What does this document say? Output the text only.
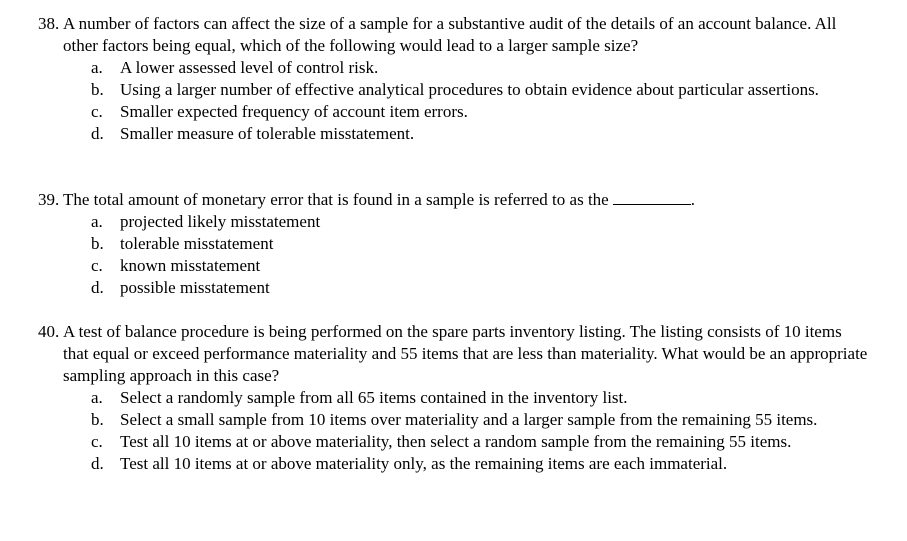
38. A number of factors can affect the size of a sample for a substantive audit of the details of an account balance. All other factors being equal, which of the following would lead to a larger sample size?
a. A lower assessed level of control risk.
b. Using a larger number of effective analytical procedures to obtain evidence about particular assertions.
c. Smaller expected frequency of account item errors.
d. Smaller measure of tolerable misstatement.
39. The total amount of monetary error that is found in a sample is referred to as the	.
a. projected likely misstatement
b. tolerable misstatement
c. known misstatement
d. possible misstatement
40. A test of balance procedure is being performed on the spare parts inventory listing. The listing consists of 10 items that equal or exceed performance materiality and 55 items that are less than materiality. What would be an appropriate sampling approach in this case?
a. Select a randomly sample from all 65 items contained in the inventory list.
b. Select a small sample from 10 items over materiality and a larger sample from the remaining 55 items.
c. Test all 10 items at or above materiality, then select a random sample from the remaining 55 items.
d. Test all 10 items at or above materiality only, as the remaining items are each immaterial.
